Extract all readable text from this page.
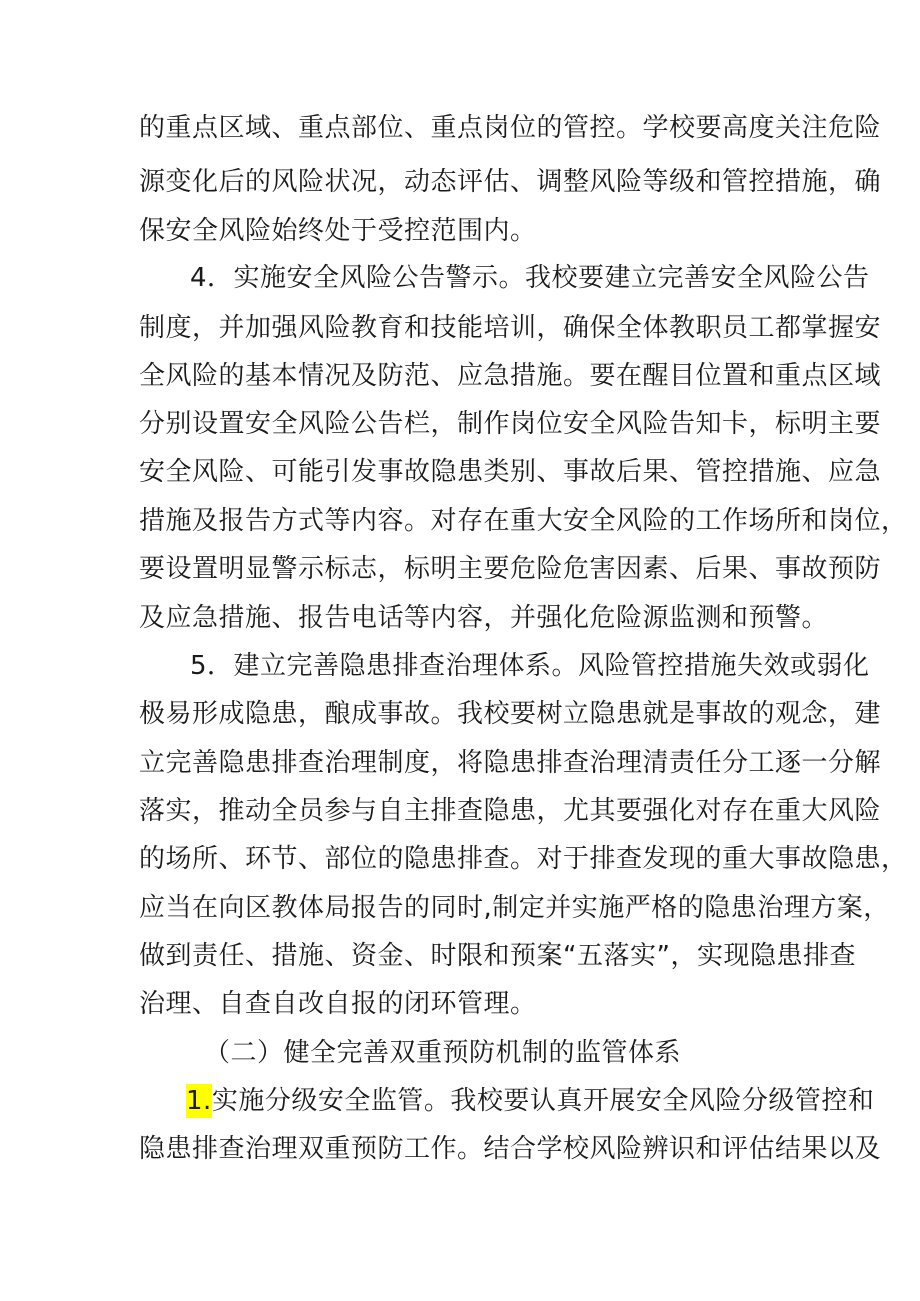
的重点区域、重点部位、重点岗位的管控。学校要高度关注危险
源变化后的风险状况，动态评估、调整风险等级和管控措施，确
保安全风险始终处于受控范围内。
4．实施安全风险公告警示。我校要建立完善安全风险公告
制度，并加强风险教育和技能培训，确保全体教职员工都掌握安
全风险的基本情况及防范、应急措施。要在醒目位置和重点区域
分别设置安全风险公告栏，制作岗位安全风险告知卡，标明主要
安全风险、可能引发事故隐患类别、事故后果、管控措施、应急
措施及报告方式等内容。对存在重大安全风险的工作场所和岗位，
要设置明显警示标志，标明主要危险危害因素、后果、事故预防
及应急措施、报告电话等内容，并强化危险源监测和预警。
5．建立完善隐患排查治理体系。风险管控措施失效或弱化
极易形成隐患，酿成事故。我校要树立隐患就是事故的观念，建
立完善隐患排查治理制度，将隐患排查治理清责任分工逐一分解
落实，推动全员参与自主排查隐患，尤其要强化对存在重大风险
的场所、环节、部位的隐患排查。对于排查发现的重大事故隐患，
应当在向区教体局报告的同时,制定并实施严格的隐患治理方案，
做到责任、措施、资金、时限和预案“五落实”，实现隐患排查
治理、自查自改自报的闭环管理。
（二）健全完善双重预防机制的监管体系
1.实施分级安全监管。我校要认真开展安全风险分级管控和
隐患排查治理双重预防工作。结合学校风险辨识和评估结果以及
